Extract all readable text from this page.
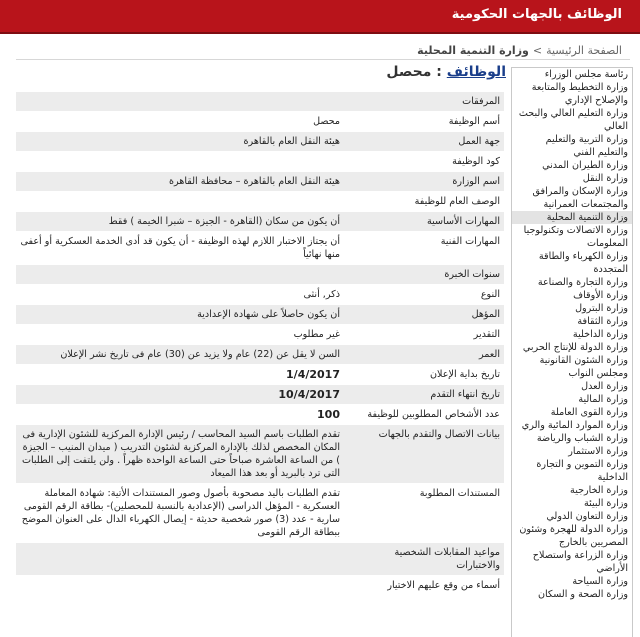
الوظائف بالجهات الحكومية
الصفحة الرئيسية>وزارة التنمية المحلية
الوظائف : محصل
المرفقات	
أسم الوظيفة	محصل
جهة العمل	هيئة النقل العام بالقاهرة
كود الوظيفة	
اسم الوزارة	هيئة النقل العام بالقاهرة – محافظة القاهرة
الوصف العام للوظيفة	
المهارات الأساسية	أن يكون من سكان (القاهرة - الجيزة – شبرا الخيمة ) فقط
المهارات الفنية	أن يجتاز الاختبار اللازم لهذه الوظيفة - أن يكون قد أدى الخدمة العسكرية أو أعفى منها نهائياً
سنوات الخبرة	
النوع	ذكر, أنثى
المؤهل	أن يكون حاصلاً على شهادة الإعدادية
التقدير	غير مطلوب
العمر	السن لا يقل عن (22) عام ولا يزيد عن (30) عام فى تاريخ نشر الإعلان
تاريخ بداية الإعلان	1/4/2017
تاريخ انتهاء التقدم	10/4/2017
عدد الأشخاص المطلوبين للوظيفة	100
بيانات الاتصال والتقدم بالجهات	تقدم الطلبات باسم السيد المحاسب / رئيس الإدارة المركزية للشئون الإدارية فى المكان المخصص لذلك بالإدارة المركزية لشئون التدريب ( ميدان المنيب – الجيزة ) من الساعة العاشرة صباحاً حتى الساعة الواحدة ظهراً . ولن يلتفت إلى الطلبات التى ترد بالبريد أو بعد هذا الميعاد
المستندات المطلوبة	تقدم الطلبات باليد مصحوبة بأصول وصور المستندات الأتية: شهادة المعاملة العسكرية - المؤهل الدراسى (الإعدادية بالنسبة للمحصلين)- بطاقة الرقم القومى سارية - عدد (3) صور شخصية حديثة - إيصال الكهرباء الدال على العنوان الموضح ببطاقة الرقم القومى
مواعيد المقابلات الشخصية والاختبارات	
أسماء من وقع عليهم الاختيار	
رئاسة مجلس الوزراء
وزارة التخطيط والمتابعة والإصلاح الإداري
وزارة التعليم العالي والبحث العالي
وزارة التربية والتعليم والتعليم الفني
وزارة الطيران المدني
وزارة النقل
وزارة الإسكان والمرافق والمجتمعات العمرانية
وزارة التنمية المحلية
وزارة الاتصالات وتكنولوجيا المعلومات
وزارة الكهرباء والطاقة المتجددة
وزارة التجارة والصناعة
وزارة الأوقاف
وزارة البترول
وزارة الثقافة
وزارة الداخلية
وزارة الدولة للإنتاج الحربي
وزارة الشئون القانونية ومجلس النواب
وزارة العدل
وزارة المالية
وزارة القوى العاملة
وزارة الموارد المائية والري
وزارة الشباب والرياضة
وزارة الاستثمار
وزارة التموين و التجارة الداخلية
وزارة الخارجية
وزارة البيئة
وزارة التعاون الدولي
وزارة الدولة للهجرة وشئون المصريين بالخارج
وزارة الزراعة واستصلاح الأراضي
وزارة السياحة
وزارة الصحة و السكان
